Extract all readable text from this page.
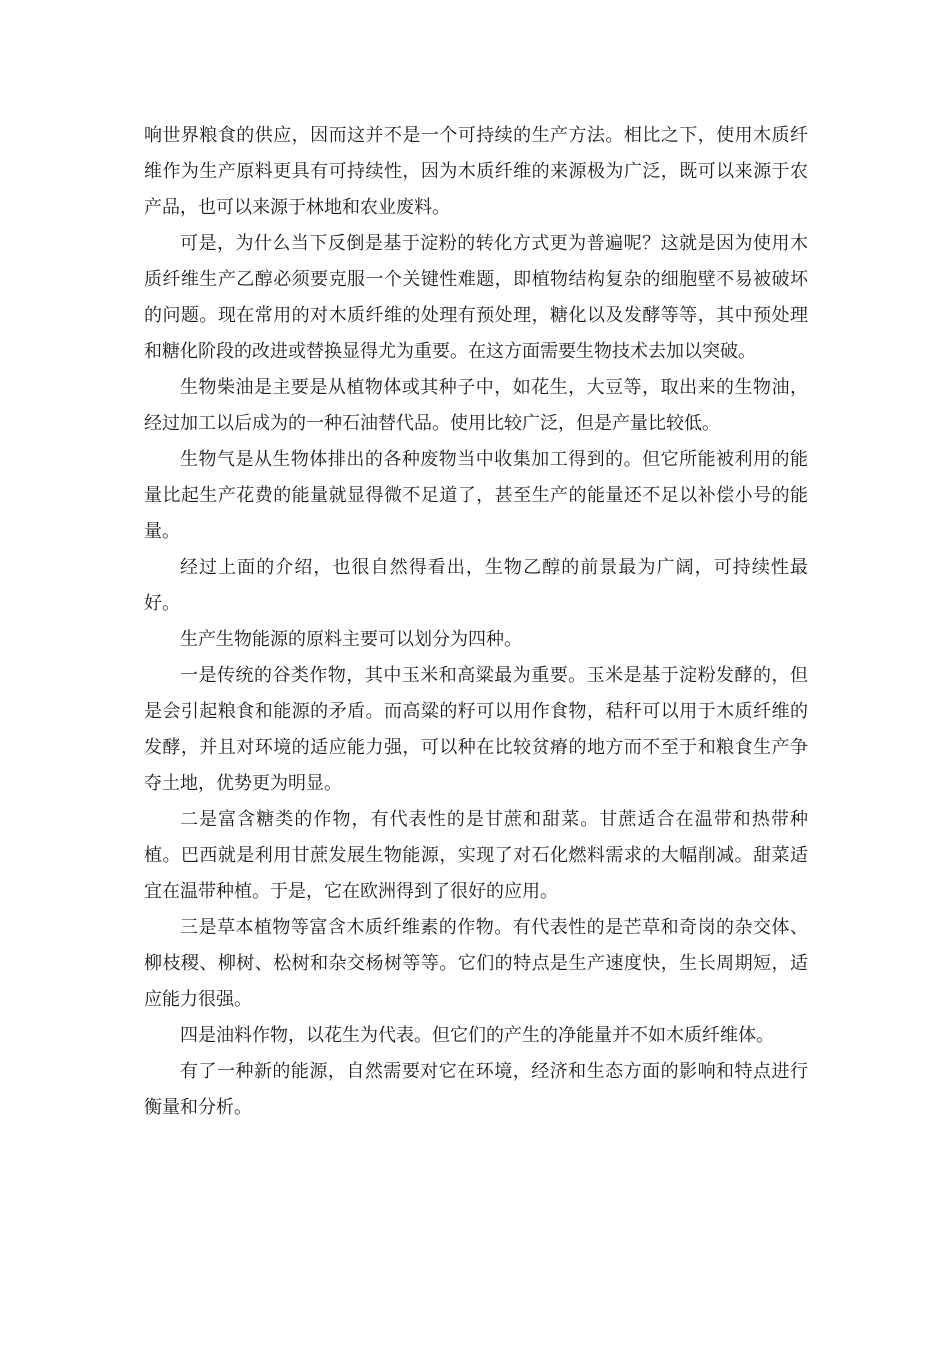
响世界粮食的供应，因而这并不是一个可持续的生产方法。相比之下，使用木质纤维作为生产原料更具有可持续性，因为木质纤维的来源极为广泛，既可以来源于农产品，也可以来源于林地和农业废料。

可是，为什么当下反倒是基于淀粉的转化方式更为普遍呢？这就是因为使用木质纤维生产乙醇必须要克服一个关键性难题，即植物结构复杂的细胞壁不易被破坏的问题。现在常用的对木质纤维的处理有预处理，糖化以及发酵等等，其中预处理和糖化阶段的改进或替换显得尤为重要。在这方面需要生物技术去加以突破。

生物柴油是主要是从植物体或其种子中，如花生，大豆等，取出来的生物油，经过加工以后成为的一种石油替代品。使用比较广泛，但是产量比较低。

生物气是从生物体排出的各种废物当中收集加工得到的。但它所能被利用的能量比起生产花费的能量就显得微不足道了，甚至生产的能量还不足以补偿小号的能量。

经过上面的介绍，也很自然得看出，生物乙醇的前景最为广阔，可持续性最好。

生产生物能源的原料主要可以划分为四种。

一是传统的谷类作物，其中玉米和高粱最为重要。玉米是基于淀粉发酵的，但是会引起粮食和能源的矛盾。而高粱的籽可以用作食物，秸秆可以用于木质纤维的发酵，并且对环境的适应能力强，可以种在比较贫瘠的地方而不至于和粮食生产争夺土地，优势更为明显。

二是富含糖类的作物，有代表性的是甘蔗和甜菜。甘蔗适合在温带和热带种植。巴西就是利用甘蔗发展生物能源，实现了对石化燃料需求的大幅削减。甜菜适宜在温带种植。于是，它在欧洲得到了很好的应用。

三是草本植物等富含木质纤维素的作物。有代表性的是芒草和奇岗的杂交体、柳枝稷、柳树、松树和杂交杨树等等。它们的特点是生产速度快，生长周期短，适应能力很强。

四是油料作物，以花生为代表。但它们的产生的净能量并不如木质纤维体。

有了一种新的能源，自然需要对它在环境，经济和生态方面的影响和特点进行衡量和分析。
